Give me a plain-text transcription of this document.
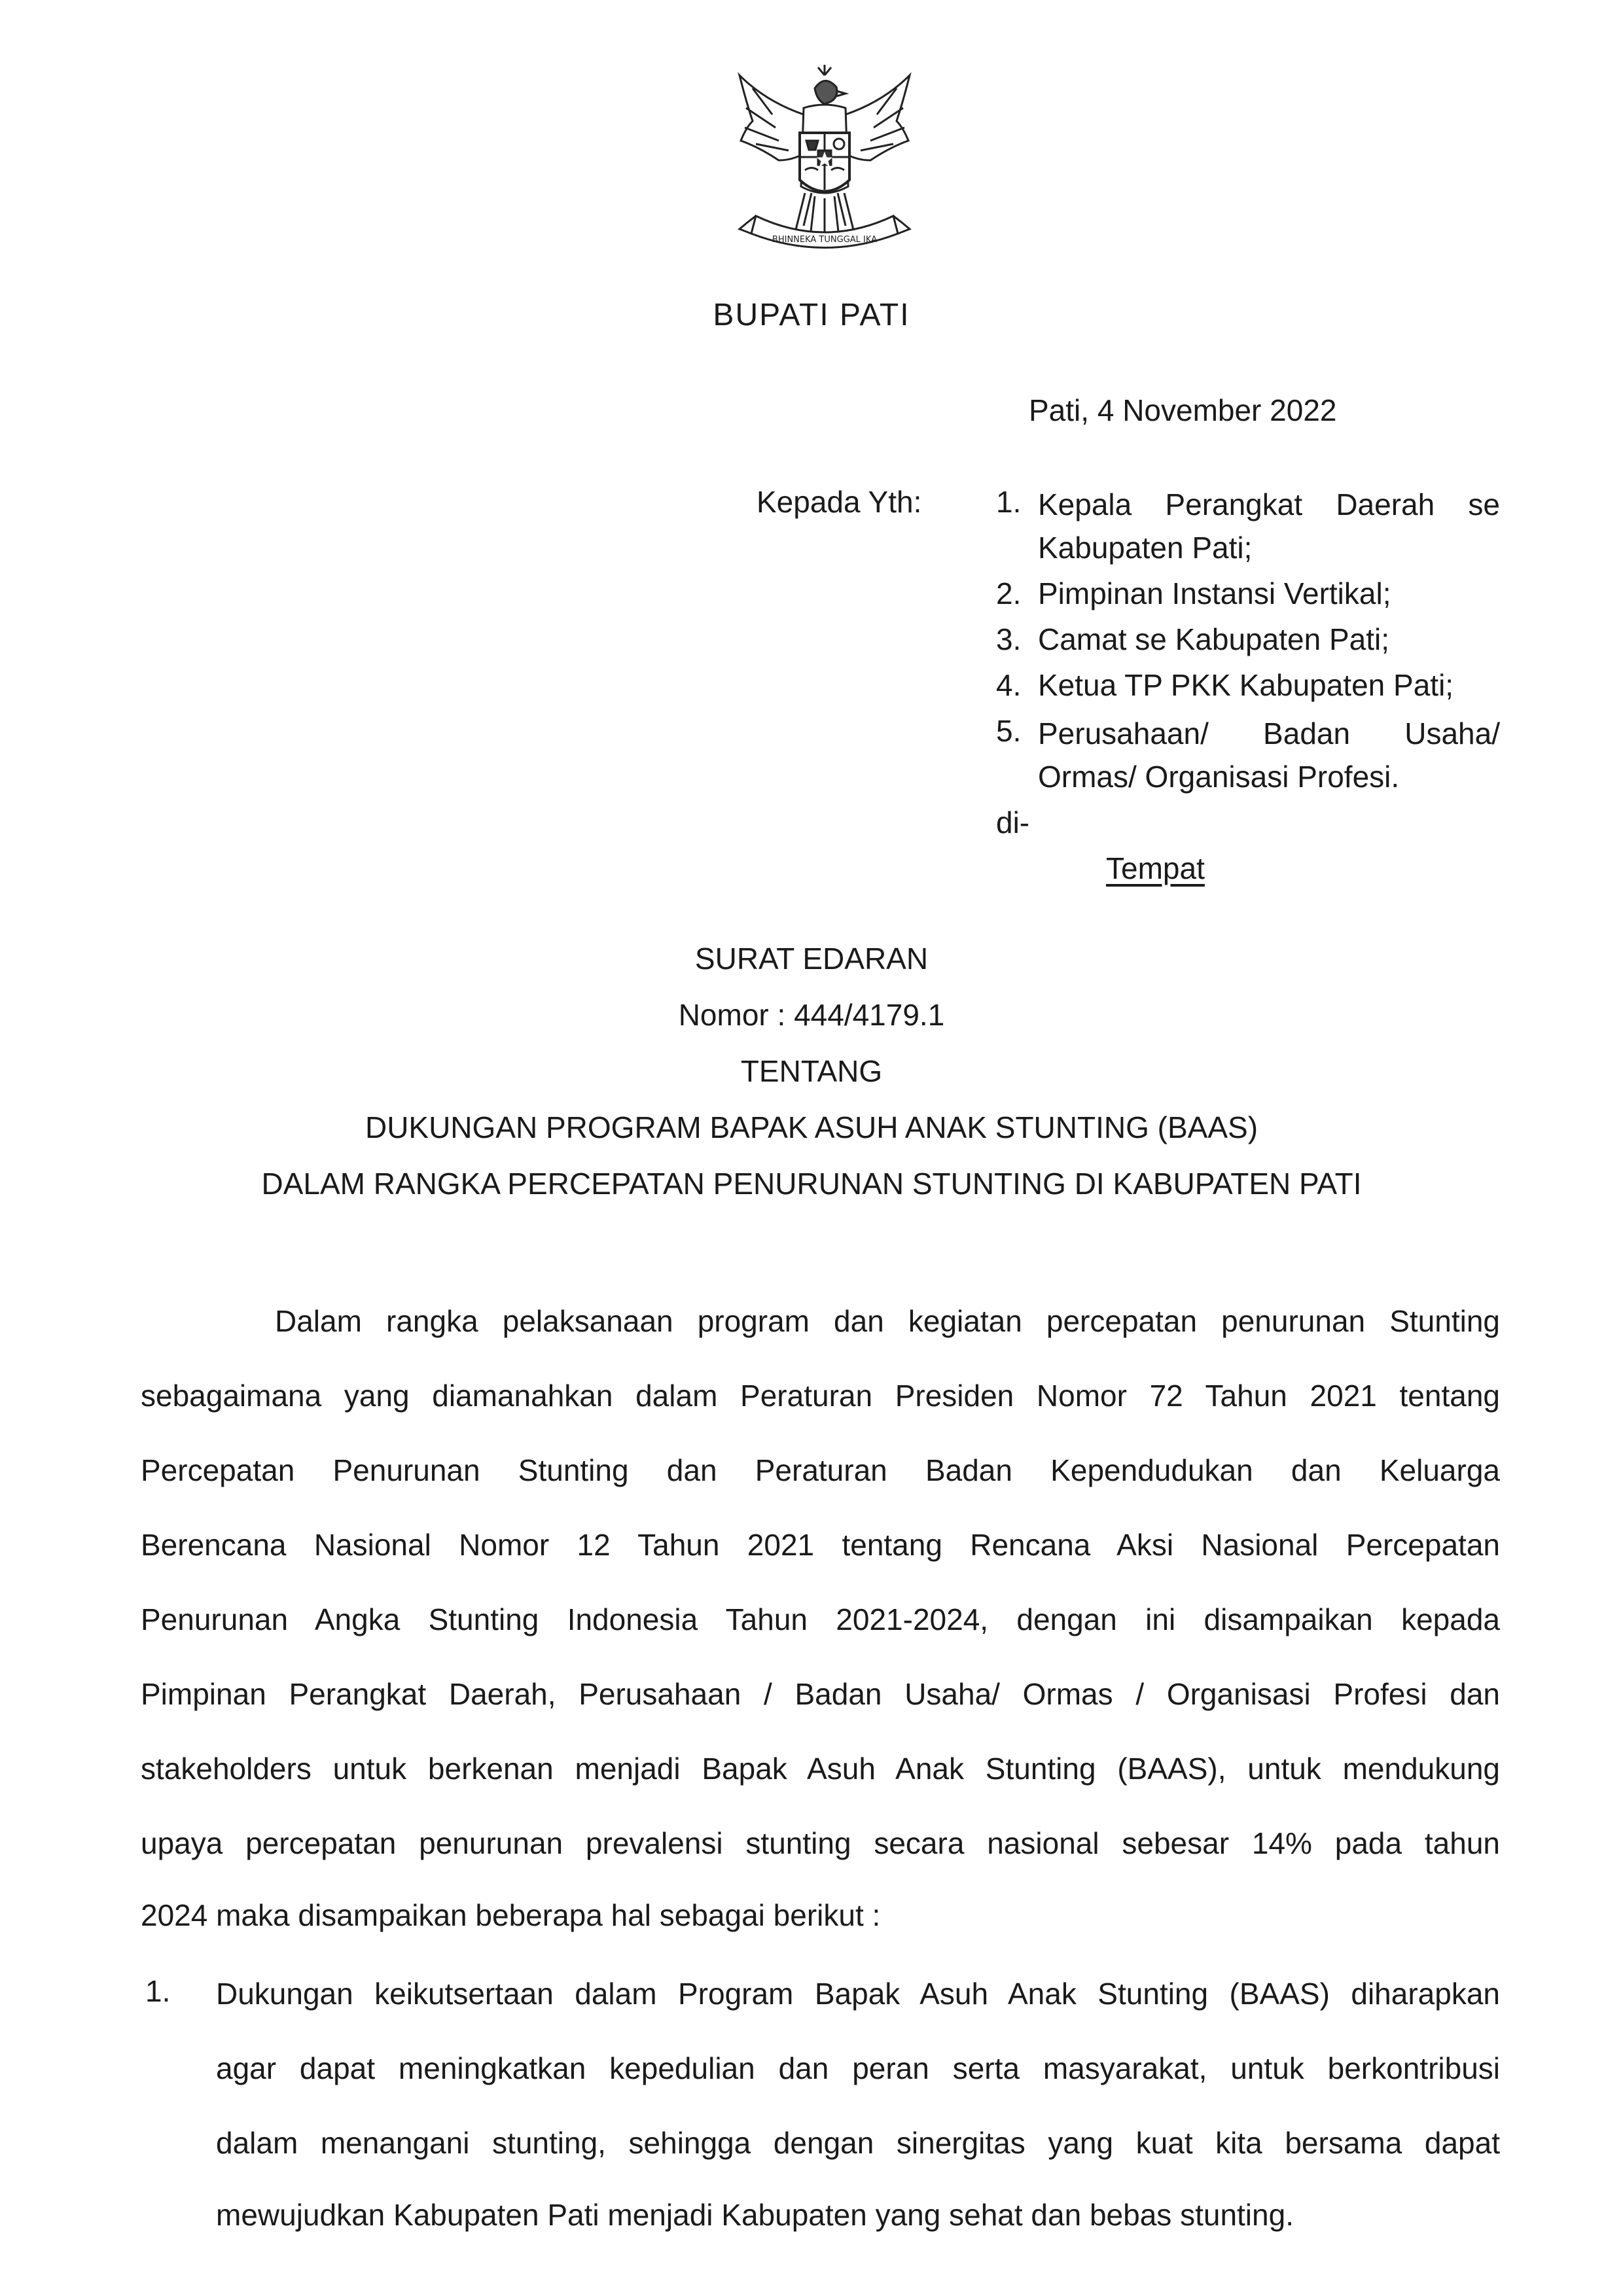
BHINNEKA TUNGGAL IKA
BUPATI PATI
Pati, 4 November 2022
Kepada Yth: 1. Kepala Perangkat Daerah se
Kabupaten Pati;
2. Pimpinan Instansi Vertikal;
3. Camat se Kabupaten Pati;
4. Ketua TP PKK Kabupaten Pati;
5. Perusahaan/ Badan Usaha/
Ormas/ Organisasi Profesi.
di-
Tempat
SURAT EDARAN
Nomor : 444/4179.1
TENTANG
DUKUNGAN PROGRAM BAPAK ASUH ANAK STUNTING (BAAS)
DALAM RANGKA PERCEPATAN PENURUNAN STUNTING DI KABUPATEN PATI
Dalam rangka pelaksanaan program dan kegiatan percepatan penurunan Stunting
sebagaimana yang diamanahkan dalam Peraturan Presiden Nomor 72 Tahun 2021 tentang
Percepatan Penurunan Stunting dan Peraturan Badan Kependudukan dan Keluarga
Berencana Nasional Nomor 12 Tahun 2021 tentang Rencana Aksi Nasional Percepatan
Penurunan Angka Stunting Indonesia Tahun 2021-2024, dengan ini disampaikan kepada
Pimpinan Perangkat Daerah, Perusahaan / Badan Usaha/ Ormas / Organisasi Profesi dan
stakeholders untuk berkenan menjadi Bapak Asuh Anak Stunting (BAAS), untuk mendukung
upaya percepatan penurunan prevalensi stunting secara nasional sebesar 14% pada tahun
2024 maka disampaikan beberapa hal sebagai berikut :
1. Dukungan keikutsertaan dalam Program Bapak Asuh Anak Stunting (BAAS) diharapkan
agar dapat meningkatkan kepedulian dan peran serta masyarakat, untuk berkontribusi
dalam menangani stunting, sehingga dengan sinergitas yang kuat kita bersama dapat
mewujudkan Kabupaten Pati menjadi Kabupaten yang sehat dan bebas stunting.
